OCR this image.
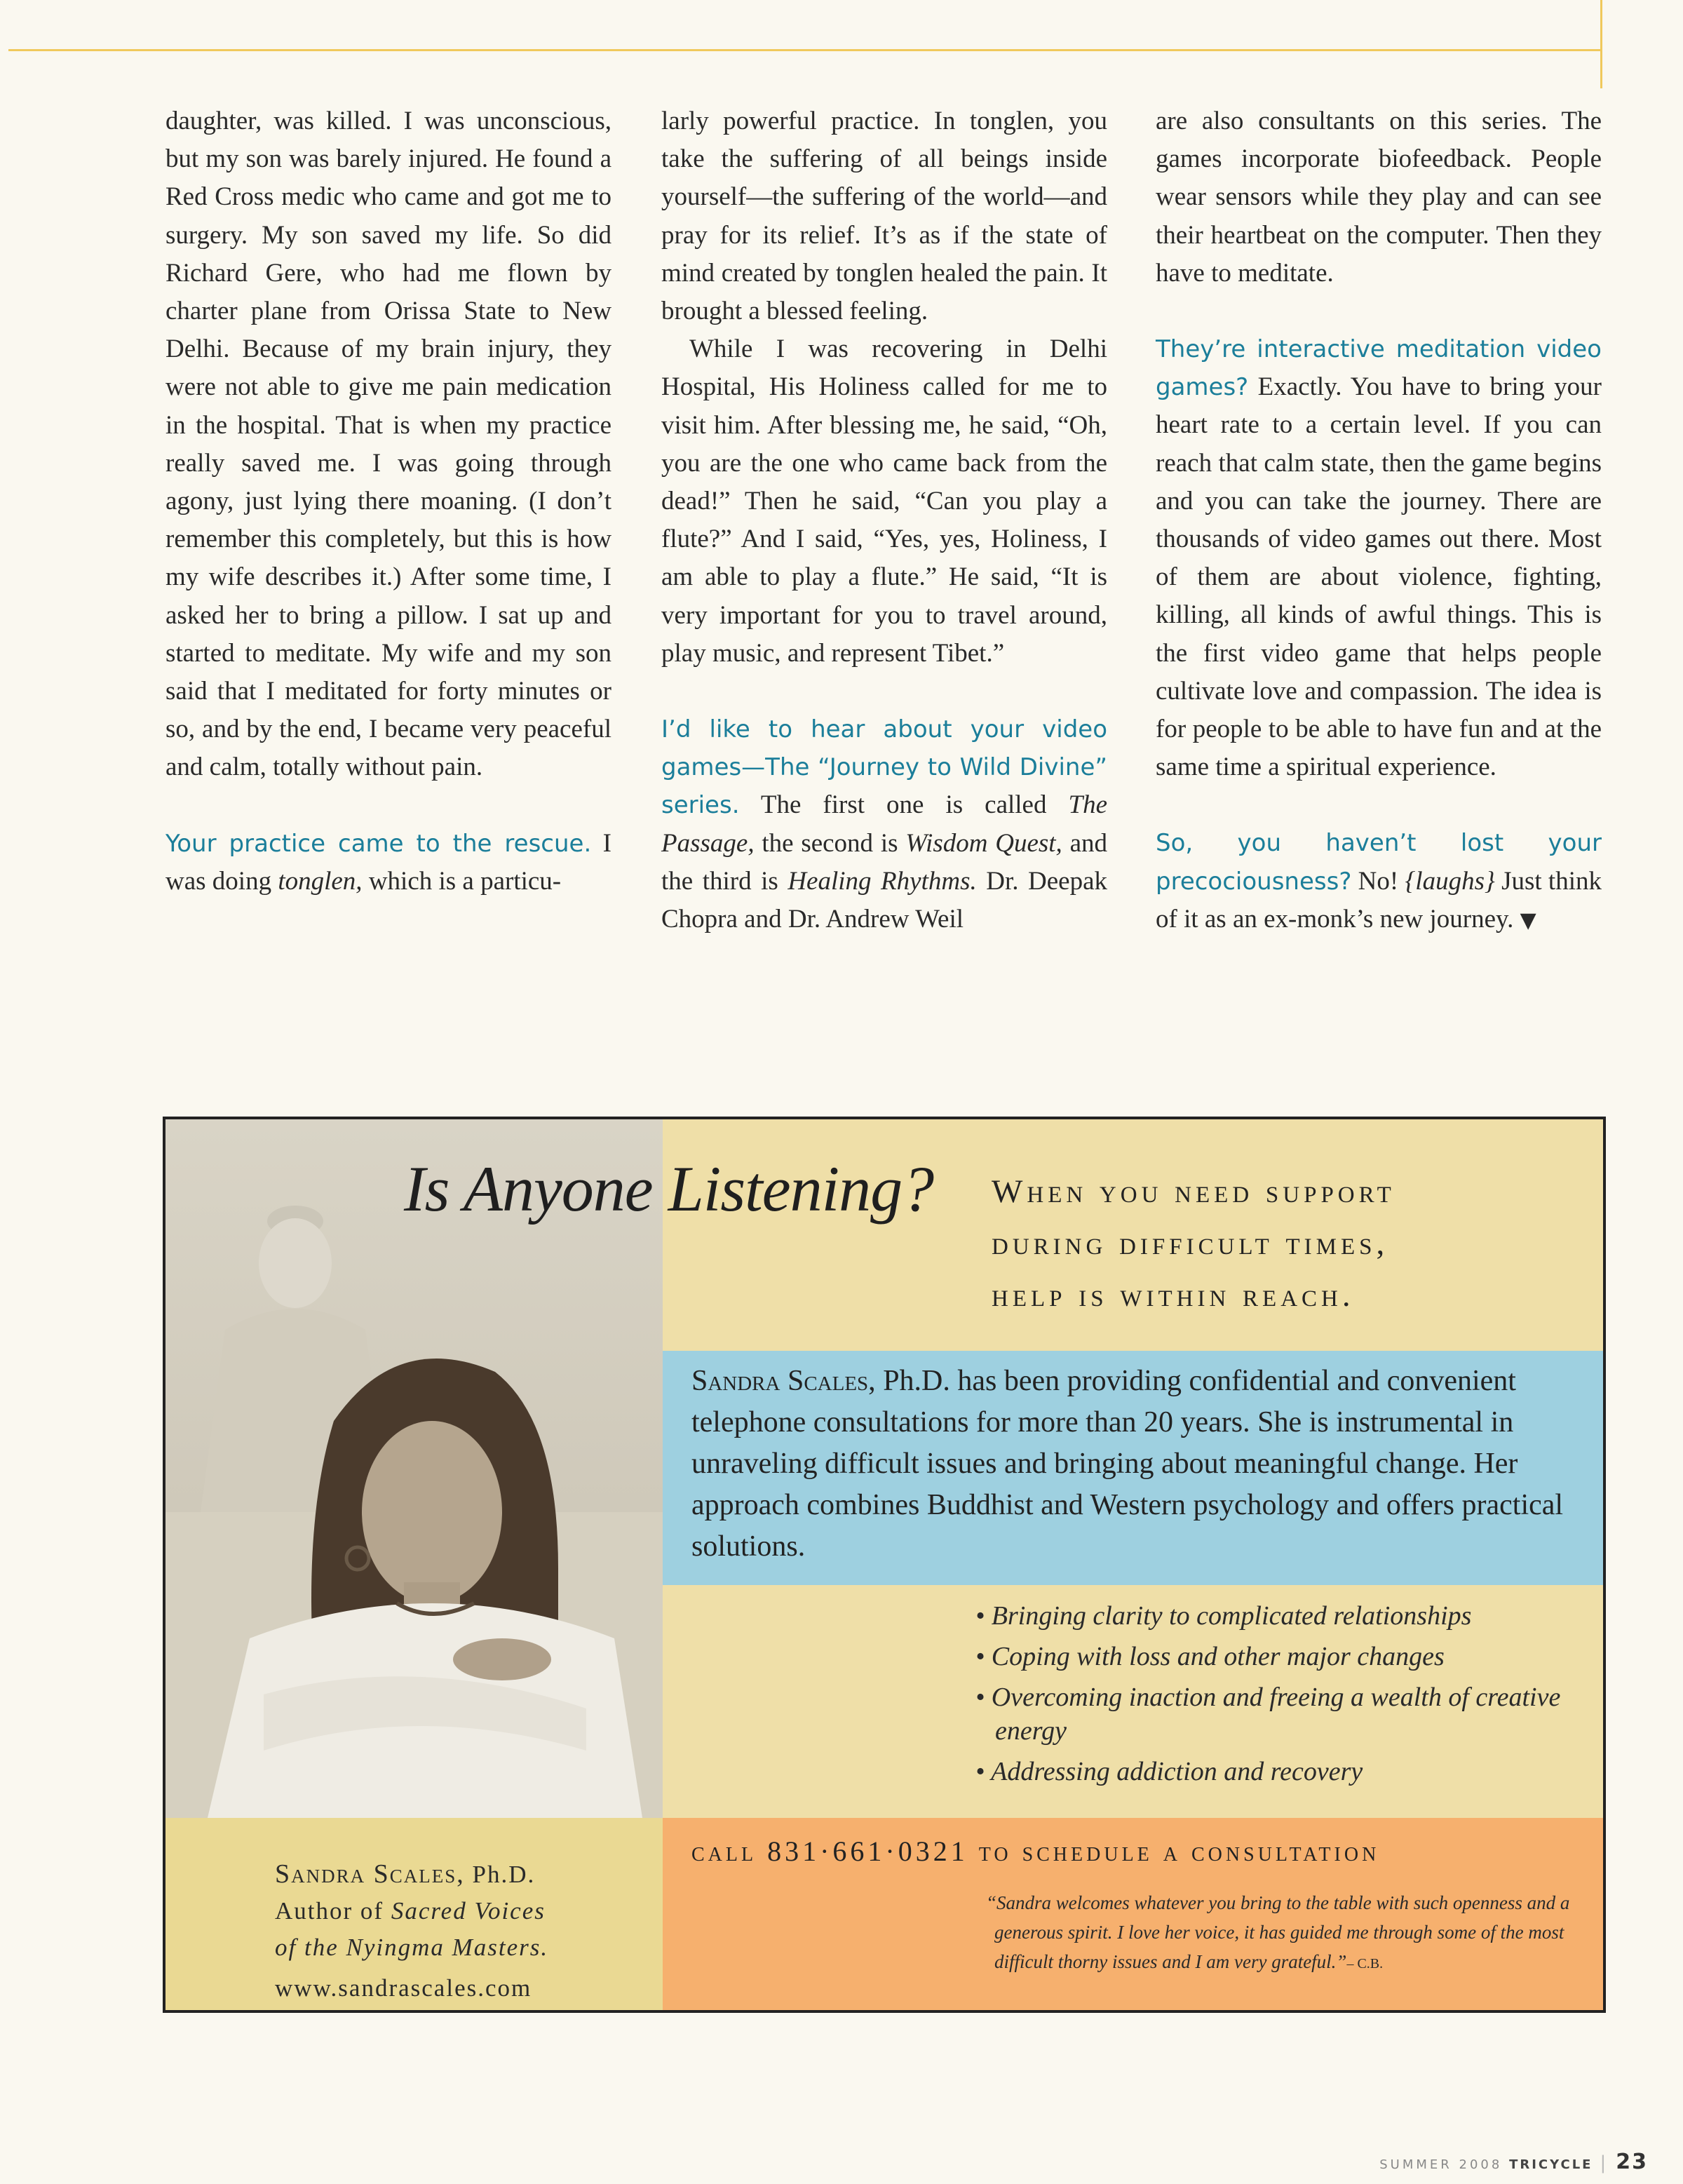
daughter, was killed. I was unconscious, but my son was barely injured. He found a Red Cross medic who came and got me to surgery. My son saved my life. So did Richard Gere, who had me flown by charter plane from Orissa State to New Delhi. Because of my brain injury, they were not able to give me pain medication in the hospital. That is when my practice really saved me. I was going through agony, just lying there moaning. (I don’t remember this completely, but this is how my wife describes it.) After some time, I asked her to bring a pillow. I sat up and started to meditate. My wife and my son said that I meditated for forty minutes or so, and by the end, I became very peaceful and calm, totally without pain.

Your practice came to the rescue. I was doing tonglen, which is a particu-

larly powerful practice. In tonglen, you take the suffering of all beings inside yourself—the suffering of the world—and pray for its relief. It’s as if the state of mind created by tonglen healed the pain. It brought a blessed feeling.

While I was recovering in Delhi Hospital, His Holiness called for me to visit him. After blessing me, he said, “Oh, you are the one who came back from the dead!” Then he said, “Can you play a flute?” And I said, “Yes, yes, Holiness, I am able to play a flute.” He said, “It is very important for you to travel around, play music, and represent Tibet.”

I’d like to hear about your video games—The “Journey to Wild Divine” series. The first one is called The Passage, the second is Wisdom Quest, and the third is Healing Rhythms. Dr. Deepak Chopra and Dr. Andrew Weil

are also consultants on this series. The games incorporate biofeedback. People wear sensors while they play and can see their heartbeat on the computer. Then they have to meditate.

They’re interactive meditation video games? Exactly. You have to bring your heart rate to a certain level. If you can reach that calm state, then the game begins and you can take the journey. There are thousands of video games out there. Most of them are about violence, fighting, killing, all kinds of awful things. This is the first video game that helps people cultivate love and compassion. The idea is for people to be able to have fun and at the same time a spiritual experience.

So, you haven’t lost your precociousness? No! {laughs} Just think of it as an ex-monk’s new journey. ▼

Is Anyone Listening? When you need support
during difficult times,
help is within reach.
Sandra Scales, Ph.D. has been providing confidential and convenient telephone consultations for more than 20 years. She is instrumental in unraveling difficult issues and bringing about meaningful change. Her approach combines Buddhist and Western psychology and offers practical solutions.
• Bringing clarity to complicated relationships
• Coping with loss and other major changes
• Overcoming inaction and freeing a wealth of creative energy
• Addressing addiction and recovery
call 831·661·0321 to schedule a consultation
“Sandra welcomes whatever you bring to the table with such openness and a generous spirit. I love her voice, it has guided me through some of the most difficult thorny issues and I am very grateful.”– C.B.
Sandra Scales, Ph.D.
Author of Sacred Voices
of the Nyingma Masters.
www.sandrascales.com
SUMMER 2008 TRICYCLE | 23
